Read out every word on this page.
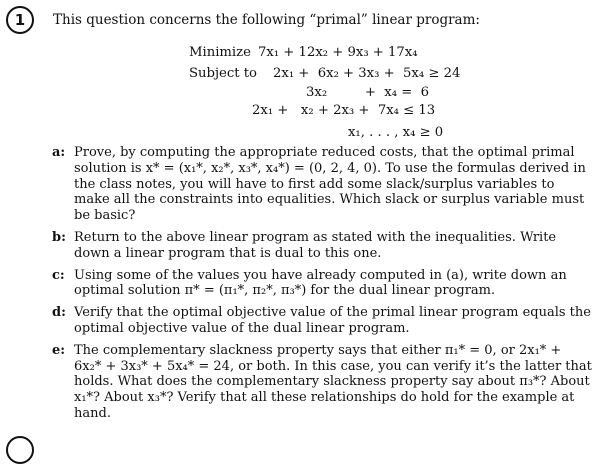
1 This question concerns the following “primal” linear program:
Minimize 7x₁ + 12x₂ + 9x₃ + 17x₄
Subject to 2x₁ +  6x₂ + 3x₃ +  5x₄ ≥ 24
3x₂         +  x₄ =  6
2x₁ +   x₂ + 2x₃ +  7x₄ ≤ 13
x₁, . . . , x₄ ≥ 0
a: Prove, by computing the appropriate reduced costs, that the optimal primal solution is x* = (x₁*, x₂*, x₃*, x₄*) = (0, 2, 4, 0). To use the formulas derived in the class notes, you will have to first add some slack/surplus variables to make all the constraints into equalities. Which slack or surplus variable must be basic?
b: Return to the above linear program as stated with the inequalities. Write down a linear program that is dual to this one.
c: Using some of the values you have already computed in (a), write down an optimal solution π* = (π₁*, π₂*, π₃*) for the dual linear program.
d: Verify that the optimal objective value of the primal linear program equals the optimal objective value of the dual linear program.
e: The complementary slackness property says that either π₁* = 0, or 2x₁* + 6x₂* + 3x₃* + 5x₄* = 24, or both. In this case, you can verify it’s the latter that holds. What does the complementary slackness property say about π₃*? About x₁*? About x₃*? Verify that all these relationships do hold for the example at hand.
